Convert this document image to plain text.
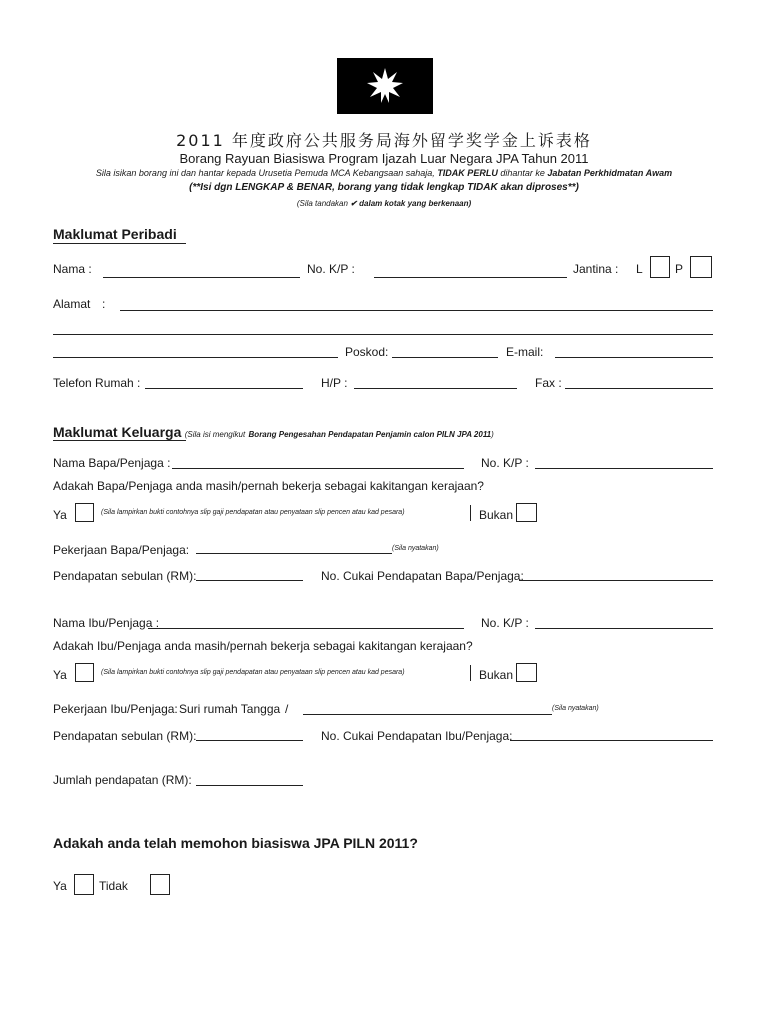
2011 年度政府公共服务局海外留学奖学金上诉表格
Borang Rayuan Biasiswa Program Ijazah Luar Negara JPA Tahun 2011
Sila isikan borang ini dan hantar kepada Urusetia Pemuda MCA Kebangsaan sahaja, TIDAK PERLU dihantar ke Jabatan Perkhidmatan Awam
(**Isi dgn LENGKAP & BENAR, borang yang tidak lengkap TIDAK akan diproses**)
(Sila tandakan ✔ dalam kotak yang berkenaan)
Maklumat Peribadi
Nama :	No. K/P :	Jantina : L	P
Alamat :
Poskod:	E-mail:
Telefon Rumah :	H/P :	Fax :
Maklumat Keluarga (Sila isi mengikut Borang Pengesahan Pendapatan Penjamin calon PILN JPA 2011)
Nama Bapa/Penjaga :	No. K/P :
Adakah Bapa/Penjaga anda masih/pernah bekerja sebagai kakitangan kerajaan?
Ya	(Sila lampirkan bukti contohnya slip gaji pendapatan atau penyataan slip pencen atau kad pesara)	Bukan
Pekerjaan Bapa/Penjaga:	(Sila nyatakan)
Pendapatan sebulan (RM):	No. Cukai Pendapatan Bapa/Penjaga:
Nama Ibu/Penjaga :	No. K/P :
Adakah Ibu/Penjaga anda masih/pernah bekerja sebagai kakitangan kerajaan?
Ya	(Sila lampirkan bukti contohnya slip gaji pendapatan atau penyataan slip pencen atau kad pesara)	Bukan
Pekerjaan Ibu/Penjaga: Suri rumah Tangga /	(Sila nyatakan)
Pendapatan sebulan (RM):	No. Cukai Pendapatan Ibu/Penjaga:
Jumlah pendapatan (RM):
Adakah anda telah memohon biasiswa JPA PILN 2011?
Ya	Tidak
